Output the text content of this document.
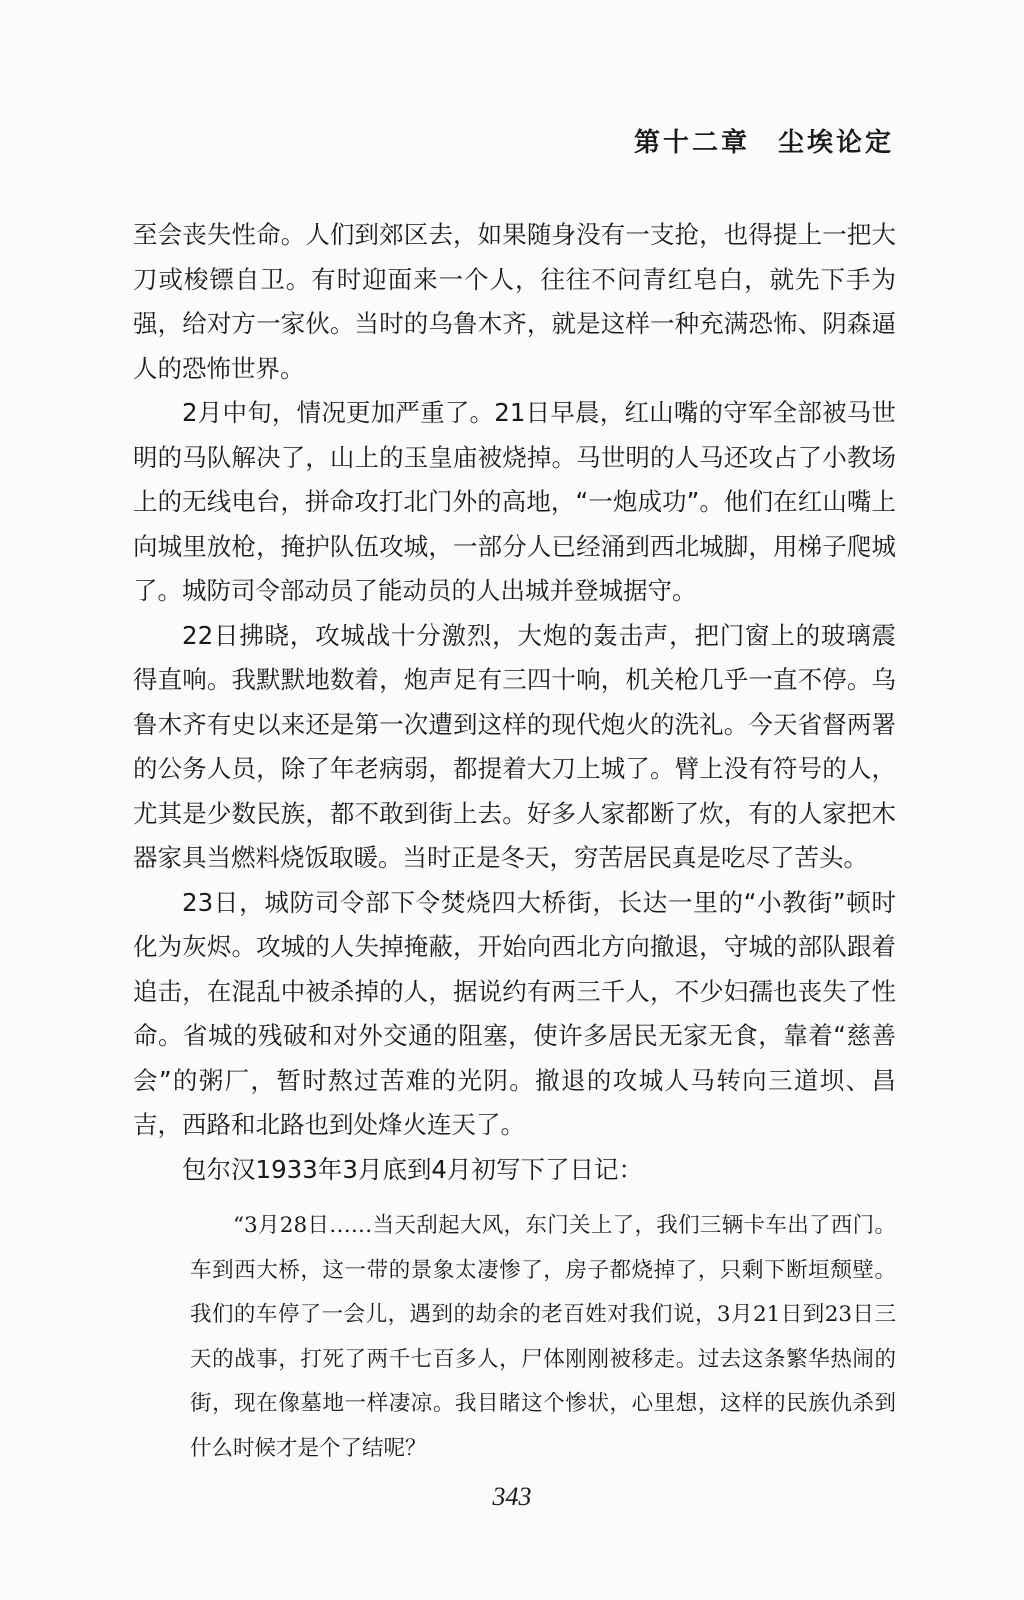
第十二章 尘埃论定

至会丧失性命。人们到郊区去，如果随身没有一支抢，也得提上一把大刀或梭镖自卫。有时迎面来一个人，往往不问青红皂白，就先下手为强，给对方一家伙。当时的乌鲁木齐，就是这样一种充满恐怖、阴森逼人的恐怖世界。

2月中旬，情况更加严重了。21日早晨，红山嘴的守军全部被马世明的马队解决了，山上的玉皇庙被烧掉。马世明的人马还攻占了小教场上的无线电台，拼命攻打北门外的高地，“一炮成功”。他们在红山嘴上向城里放枪，掩护队伍攻城，一部分人已经涌到西北城脚，用梯子爬城了。城防司令部动员了能动员的人出城并登城据守。

22日拂晓，攻城战十分激烈，大炮的轰击声，把门窗上的玻璃震得直响。我默默地数着，炮声足有三四十响，机关枪几乎一直不停。乌鲁木齐有史以来还是第一次遭到这样的现代炮火的洗礼。今天省督两署的公务人员，除了年老病弱，都提着大刀上城了。臂上没有符号的人，尤其是少数民族，都不敢到街上去。好多人家都断了炊，有的人家把木器家具当燃料烧饭取暖。当时正是冬天，穷苦居民真是吃尽了苦头。

23日，城防司令部下令焚烧四大桥街，长达一里的“小教街”顿时化为灰烬。攻城的人失掉掩蔽，开始向西北方向撤退，守城的部队跟着追击，在混乱中被杀掉的人，据说约有两三千人，不少妇孺也丧失了性命。省城的残破和对外交通的阻塞，使许多居民无家无食，靠着“慈善会”的粥厂，暂时熬过苦难的光阴。撤退的攻城人马转向三道坝、昌吉，西路和北路也到处烽火连天了。

包尔汉1933年3月底到4月初写下了日记：

“3月28日……当天刮起大风，东门关上了，我们三辆卡车出了西门。车到西大桥，这一带的景象太凄惨了，房子都烧掉了，只剩下断垣颓壁。我们的车停了一会儿，遇到的劫余的老百姓对我们说，3月21日到23日三天的战事，打死了两千七百多人，尸体刚刚被移走。过去这条繁华热闹的街，现在像墓地一样凄凉。我目睹这个惨状，心里想，这样的民族仇杀到什么时候才是个了结呢？

343
